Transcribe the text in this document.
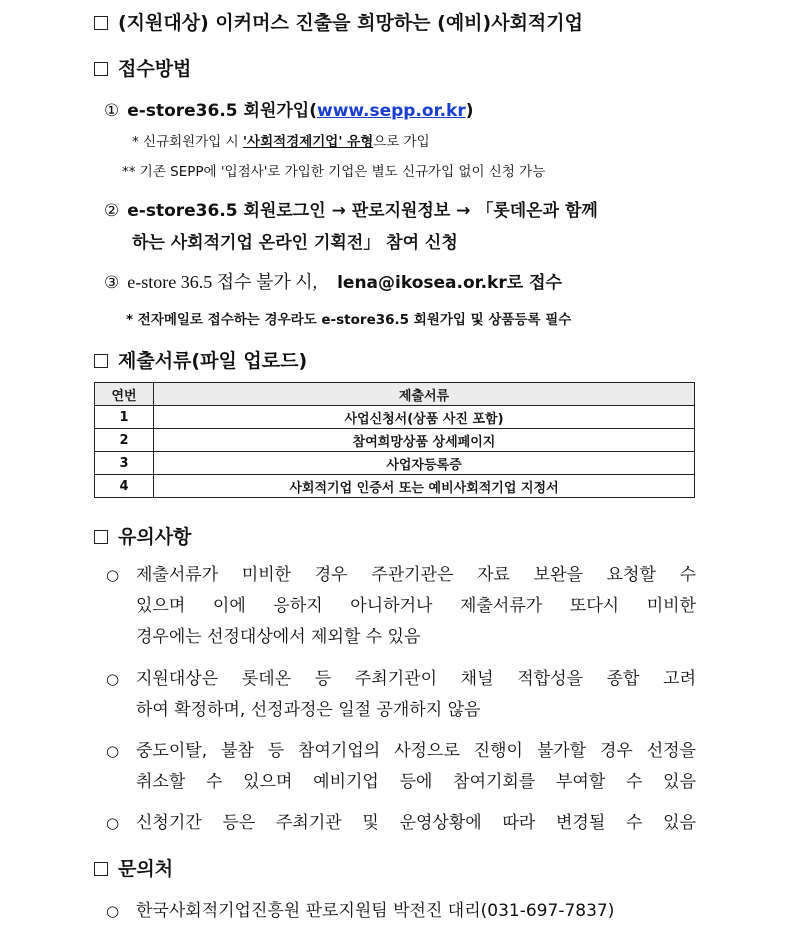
(지원대상) 이커머스 진출을 희망하는 (예비)사회적기업
접수방법
① e-store36.5 회원가입(www.sepp.or.kr)
* 신규회원가입 시 '사회적경제기업' 유형으로 가입
** 기존 SEPP에 '입점사'로 가입한 기업은 별도 신규가입 없이 신청 가능
② e-store36.5 회원로그인 → 판로지원정보 → 「롯데온과 함께
하는 사회적기업 온라인 기획전」 참여 신청
③ e-store 36.5 접수 불가 시, lena@ikosea.or.kr로 접수
* 전자메일로 접수하는 경우라도 e-store36.5 회원가입 및 상품등록 필수
제출서류(파일 업로드)
연번	제출서류
1	사업신청서(상품 사진 포함)
2	참여희망상품 상세페이지
3	사업자등록증
4	사회적기업 인증서 또는 예비사회적기업 지정서
유의사항
○ 제출서류가 미비한 경우 주관기관은 자료 보완을 요청할 수
있으며 이에 응하지 아니하거나 제출서류가 또다시 미비한
경우에는 선정대상에서 제외할 수 있음
○ 지원대상은 롯데온 등 주최기관이 채널 적합성을 종합 고려
하여 확정하며, 선정과정은 일절 공개하지 않음
○ 중도이탈, 불참 등 참여기업의 사정으로 진행이 불가할 경우 선정을
취소할 수 있으며 예비기업 등에 참여기회를 부여할 수 있음
○ 신청기간 등은 주최기관 및 운영상황에 따라 변경될 수 있음
문의처
○ 한국사회적기업진흥원 판로지원팀 박전진 대리(031-697-7837)
